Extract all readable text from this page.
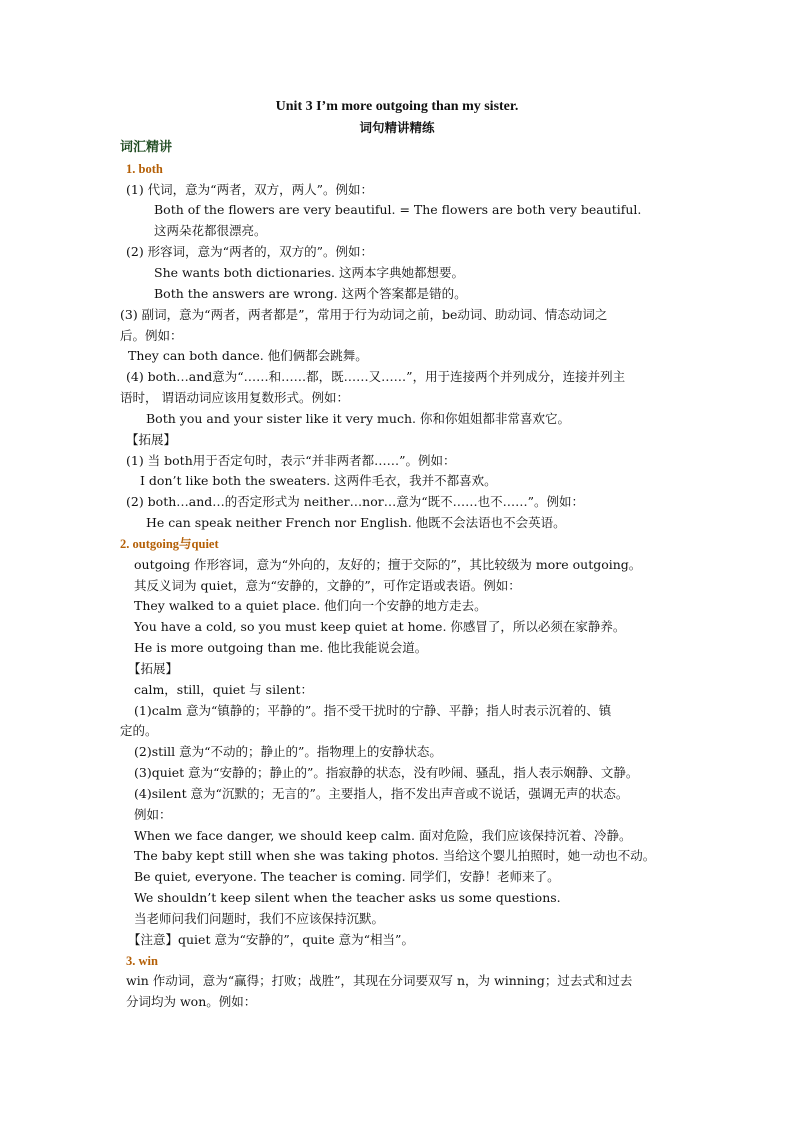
Unit 3 I’m more outgoing than my sister.
词句精讲精练
词汇精讲
1. both
(1) 代词，意为“两者，双方，两人”。例如：
Both of the flowers are very beautiful. = The flowers are both very beautiful.
这两朵花都很漂亮。
(2) 形容词，意为“两者的，双方的”。例如：
She wants both dictionaries. 这两本字典她都想要。
Both the answers are wrong. 这两个答案都是错的。
(3) 副词，意为“两者，两者都是”，常用于行为动词之前，be动词、助动词、情态动词之
后。例如：
They can both dance. 他们俩都会跳舞。
(4) both…and意为“……和……都，既……又……”，用于连接两个并列成分，连接并列主
语时， 谓语动词应该用复数形式。例如：
Both you and your sister like it very much. 你和你姐姐都非常喜欢它。
【拓展】
(1) 当 both用于否定句时，表示“并非两者都……”。例如：
I don’t like both the sweaters. 这两件毛衣，我并不都喜欢。
(2) both…and…的否定形式为 neither…nor…意为“既不……也不……”。例如：
He can speak neither French nor English. 他既不会法语也不会英语。
2. outgoing与quiet
outgoing 作形容词，意为“外向的，友好的；擅于交际的”，其比较级为 more outgoing。
其反义词为 quiet，意为“安静的，文静的”，可作定语或表语。例如：
They walked to a quiet place. 他们向一个安静的地方走去。
You have a cold, so you must keep quiet at home. 你感冒了，所以必须在家静养。
He is more outgoing than me. 他比我能说会道。
【拓展】
calm，still，quiet 与 silent：
(1)calm 意为“镇静的；平静的”。指不受干扰时的宁静、平静；指人时表示沉着的、镇
定的。
(2)still 意为“不动的；静止的”。指物理上的安静状态。
(3)quiet 意为“安静的；静止的”。指寂静的状态，没有吵闹、骚乱，指人表示娴静、文静。
(4)silent 意为“沉默的；无言的”。主要指人，指不发出声音或不说话，强调无声的状态。
例如：
When we face danger, we should keep calm. 面对危险，我们应该保持沉着、冷静。
The baby kept still when she was taking photos. 当给这个婴儿拍照时，她一动也不动。
Be quiet, everyone. The teacher is coming. 同学们，安静！老师来了。
We shouldn’t keep silent when the teacher asks us some questions.
当老师问我们问题时，我们不应该保持沉默。
【注意】quiet 意为“安静的”，quite 意为“相当”。
3. win
win 作动词，意为“赢得；打败；战胜”，其现在分词要双写 n，为 winning；过去式和过去
分词均为 won。例如：
